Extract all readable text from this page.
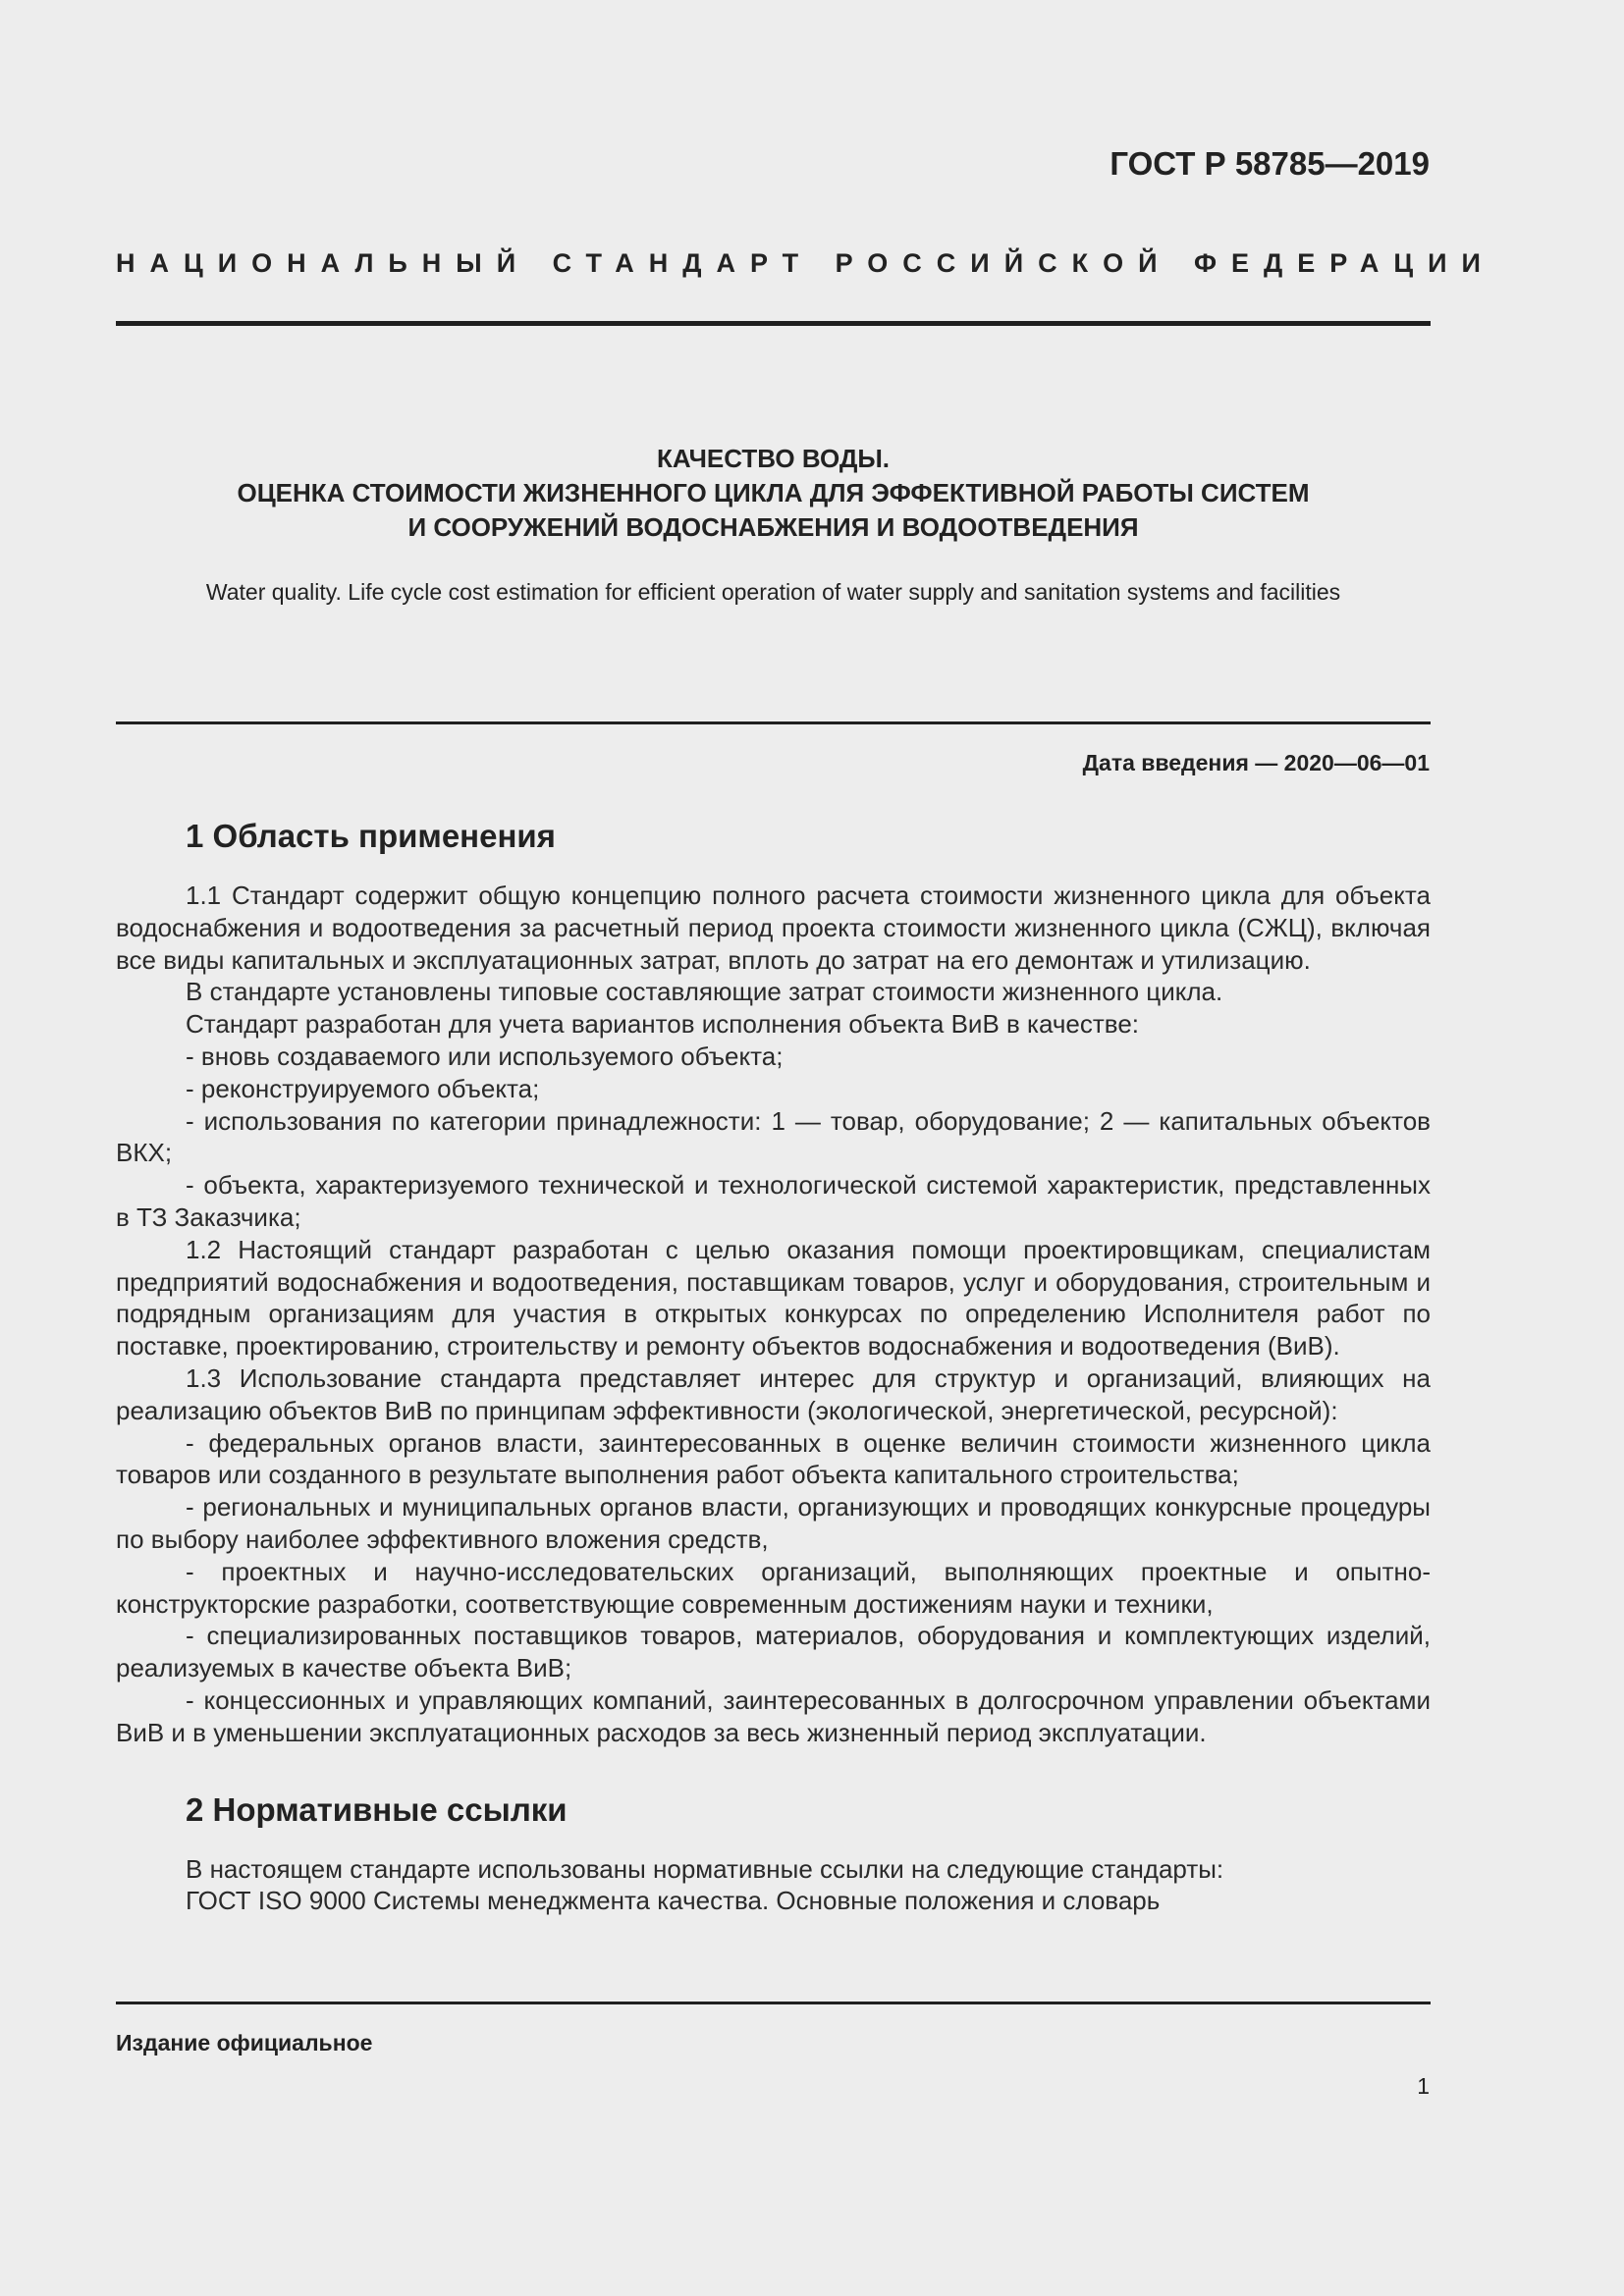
ГОСТ Р 58785—2019
НАЦИОНАЛЬНЫЙ СТАНДАРТ РОССИЙСКОЙ ФЕДЕРАЦИИ
КАЧЕСТВО ВОДЫ.
ОЦЕНКА СТОИМОСТИ ЖИЗНЕННОГО ЦИКЛА ДЛЯ ЭФФЕКТИВНОЙ РАБОТЫ СИСТЕМ
И СООРУЖЕНИЙ ВОДОСНАБЖЕНИЯ И ВОДООТВЕДЕНИЯ
Water quality. Life cycle cost estimation for efficient operation of water supply and sanitation systems and facilities
Дата введения — 2020—06—01
1 Область применения

1.1 Стандарт содержит общую концепцию полного расчета стоимости жизненного цикла для объекта водоснабжения и водоотведения за расчетный период проекта стоимости жизненного цикла (СЖЦ), включая все виды капитальных и эксплуатационных затрат, вплоть до затрат на его демонтаж и утилизацию.

В стандарте установлены типовые составляющие затрат стоимости жизненного цикла.

Стандарт разработан для учета вариантов исполнения объекта ВиВ в качестве:

- вновь создаваемого или используемого объекта;

- реконструируемого объекта;

- использования по категории принадлежности: 1 — товар, оборудование; 2 — капитальных объектов ВКХ;

- объекта, характеризуемого технической и технологической системой характеристик, представленных в ТЗ Заказчика;

1.2 Настоящий стандарт разработан с целью оказания помощи проектировщикам, специалистам предприятий водоснабжения и водоотведения, поставщикам товаров, услуг и оборудования, строительным и подрядным организациям для участия в открытых конкурсах по определению Исполнителя работ по поставке, проектированию, строительству и ремонту объектов водоснабжения и водоотведения (ВиВ).

1.3 Использование стандарта представляет интерес для структур и организаций, влияющих на реализацию объектов ВиВ по принципам эффективности (экологической, энергетической, ресурсной):

- федеральных органов власти, заинтересованных в оценке величин стоимости жизненного цикла товаров или созданного в результате выполнения работ объекта капитального строительства;

- региональных и муниципальных органов власти, организующих и проводящих конкурсные процедуры по выбору наиболее эффективного вложения средств,

- проектных и научно-исследовательских организаций, выполняющих проектные и опытно-конструкторские разработки, соответствующие современным достижениям науки и техники,

- специализированных поставщиков товаров, материалов, оборудования и комплектующих изделий, реализуемых в качестве объекта ВиВ;

- концессионных и управляющих компаний, заинтересованных в долгосрочном управлении объектами ВиВ и в уменьшении эксплуатационных расходов за весь жизненный период эксплуатации.

2 Нормативные ссылки

В настоящем стандарте использованы нормативные ссылки на следующие стандарты:

ГОСТ ISO 9000 Системы менеджмента качества. Основные положения и словарь

Издание официальное
1
